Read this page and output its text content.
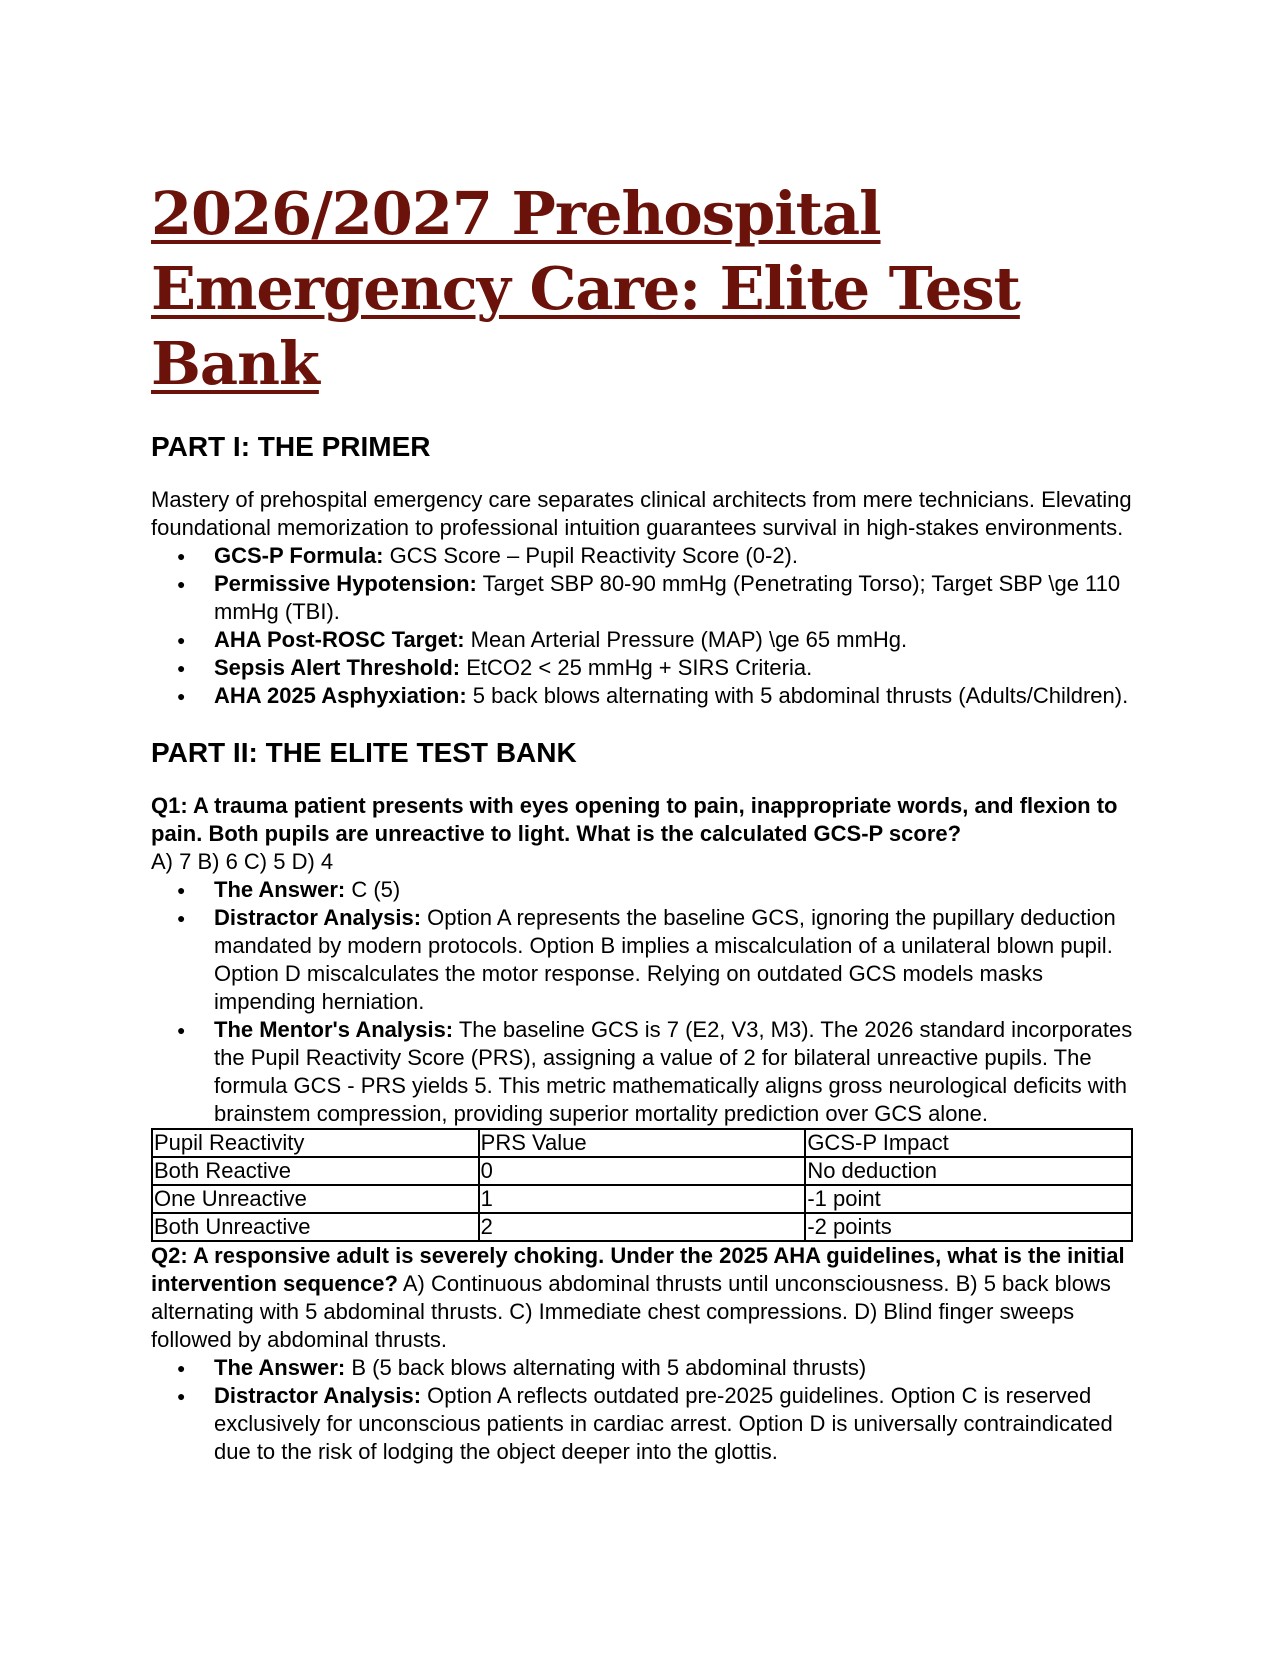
2026/2027 Prehospital
Emergency Care: Elite Test Bank
PART I: THE PRIMER

Mastery of prehospital emergency care separates clinical architects from mere technicians. Elevating foundational memorization to professional intuition guarantees survival in high-stakes environments.

● GCS-P Formula: GCS Score – Pupil Reactivity Score (0-2).
● Permissive Hypotension: Target SBP 80-90 mmHg (Penetrating Torso); Target SBP \ge 110 mmHg (TBI).
● AHA Post-ROSC Target: Mean Arterial Pressure (MAP) \ge 65 mmHg.
● Sepsis Alert Threshold: EtCO2 < 25 mmHg + SIRS Criteria.
● AHA 2025 Asphyxiation: 5 back blows alternating with 5 abdominal thrusts (Adults/Children).
PART II: THE ELITE TEST BANK

Q1: A trauma patient presents with eyes opening to pain, inappropriate words, and flexion to pain. Both pupils are unreactive to light. What is the calculated GCS-P score?
A) 7 B) 6 C) 5 D) 4

● The Answer: C (5)
● Distractor Analysis: Option A represents the baseline GCS, ignoring the pupillary deduction mandated by modern protocols. Option B implies a miscalculation of a unilateral blown pupil. Option D miscalculates the motor response. Relying on outdated GCS models masks impending herniation.
● The Mentor's Analysis: The baseline GCS is 7 (E2, V3, M3). The 2026 standard incorporates the Pupil Reactivity Score (PRS), assigning a value of 2 for bilateral unreactive pupils. The formula GCS - PRS yields 5. This metric mathematically aligns gross neurological deficits with brainstem compression, providing superior mortality prediction over GCS alone.
Pupil Reactivity	PRS Value	GCS-P Impact
Both Reactive	0	No deduction
One Unreactive	1	-1 point
Both Unreactive	2	-2 points

Q2: A responsive adult is severely choking. Under the 2025 AHA guidelines, what is the initial intervention sequence? A) Continuous abdominal thrusts until unconsciousness. B) 5 back blows alternating with 5 abdominal thrusts. C) Immediate chest compressions. D) Blind finger sweeps followed by abdominal thrusts.

● The Answer: B (5 back blows alternating with 5 abdominal thrusts)
● Distractor Analysis: Option A reflects outdated pre-2025 guidelines. Option C is reserved exclusively for unconscious patients in cardiac arrest. Option D is universally contraindicated due to the risk of lodging the object deeper into the glottis.
